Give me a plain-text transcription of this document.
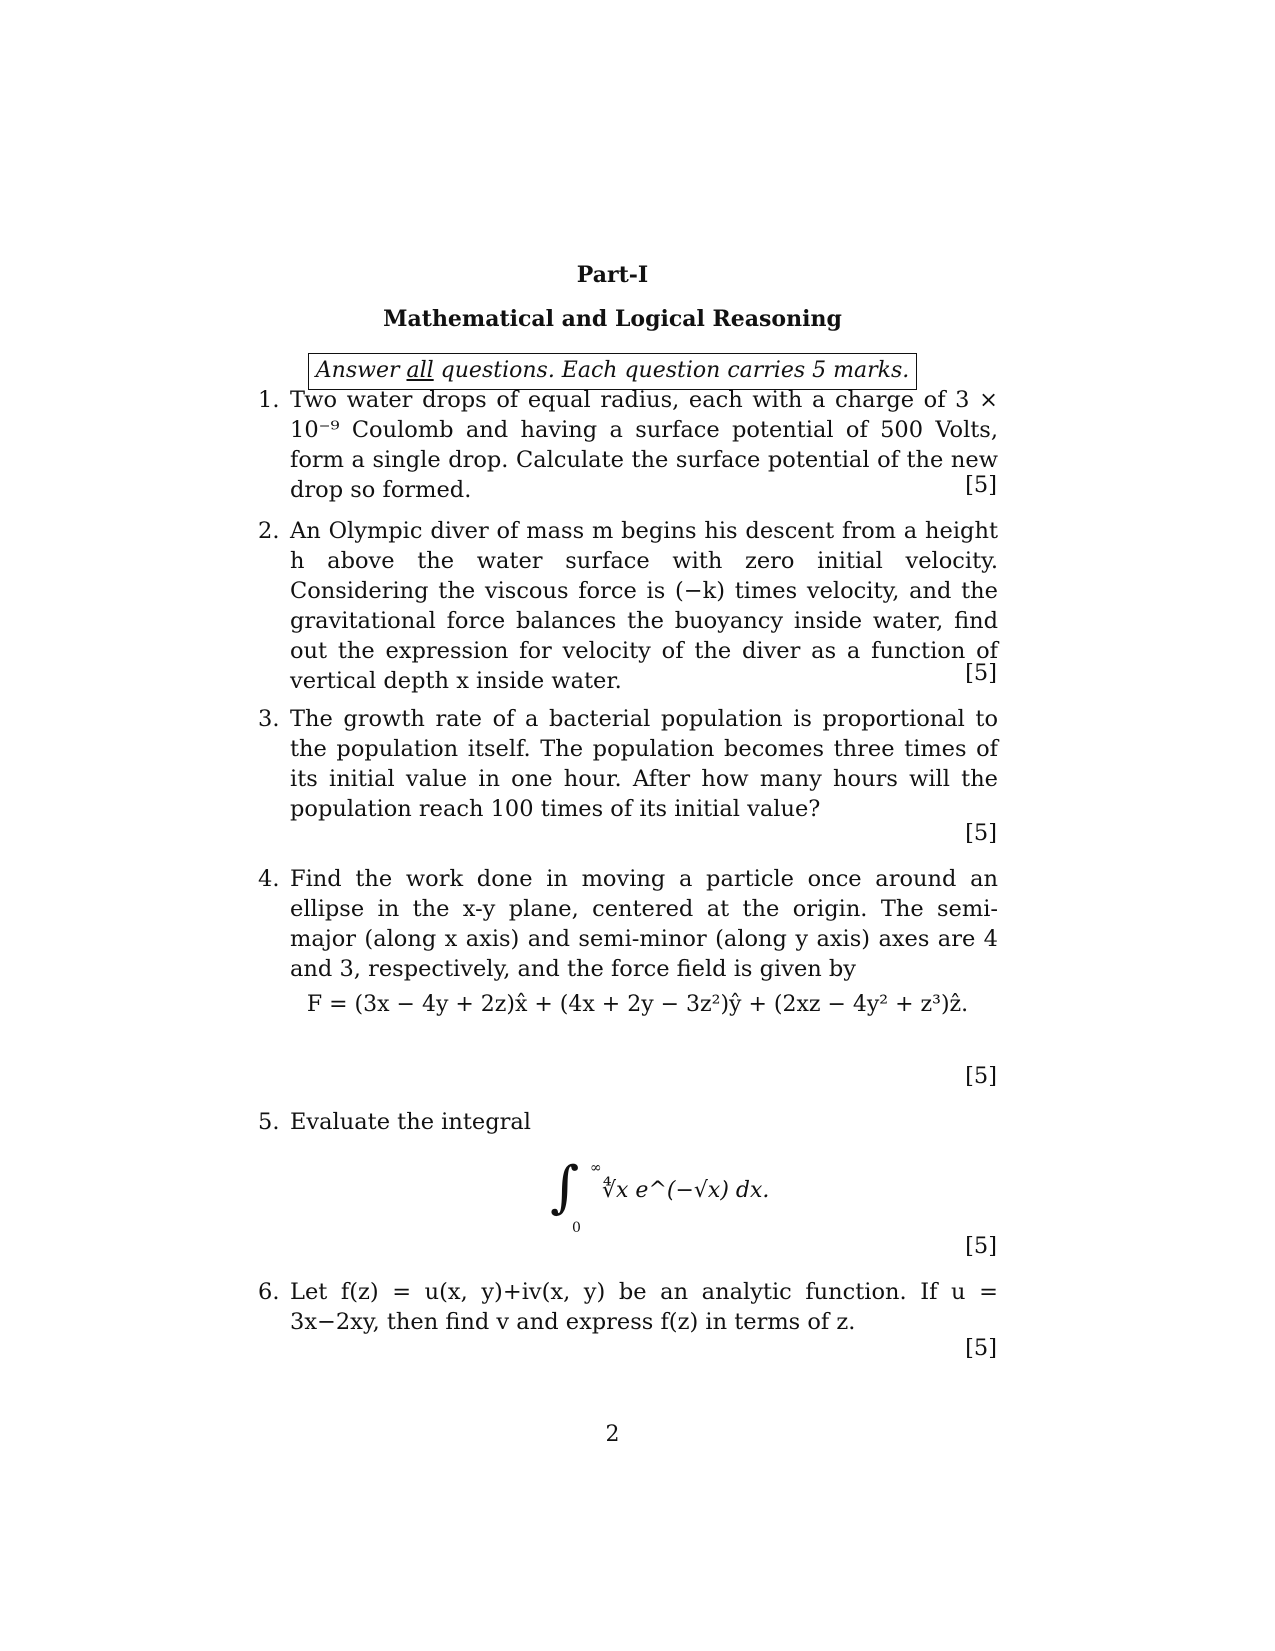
Part-I
Mathematical and Logical Reasoning
Answer all questions. Each question carries 5 marks.
1. Two water drops of equal radius, each with a charge of 3 × 10⁻⁹ Coulomb and having a surface potential of 500 Volts, form a single drop. Calculate the surface potential of the new drop so formed.	[5]
2. An Olympic diver of mass m begins his descent from a height h above the water surface with zero initial velocity. Considering the viscous force is (−k) times velocity, and the gravitational force balances the buoyancy inside water, find out the expression for velocity of the diver as a function of vertical depth x inside water.	[5]
3. The growth rate of a bacterial population is proportional to the population itself. The population becomes three times of its initial value in one hour. After how many hours will the population reach 100 times of its initial value?
[5]
4. Find the work done in moving a particle once around an ellipse in the x-y plane, centered at the origin. The semi-major (along x axis) and semi-minor (along y axis) axes are 4 and 3, respectively, and the force field is given by
F = (3x − 4y + 2z)x̂ + (4x + 2y − 3z²)ŷ + (2xz − 4y² + z³)ẑ.
[5]
5. Evaluate the integral
∫ ∞
0
∜x e^(−√x) dx.
[5]
6. Let f(z) = u(x, y)+iv(x, y) be an analytic function. If u = 3x−2xy, then find v and express f(z) in terms of z.
[5]
2
